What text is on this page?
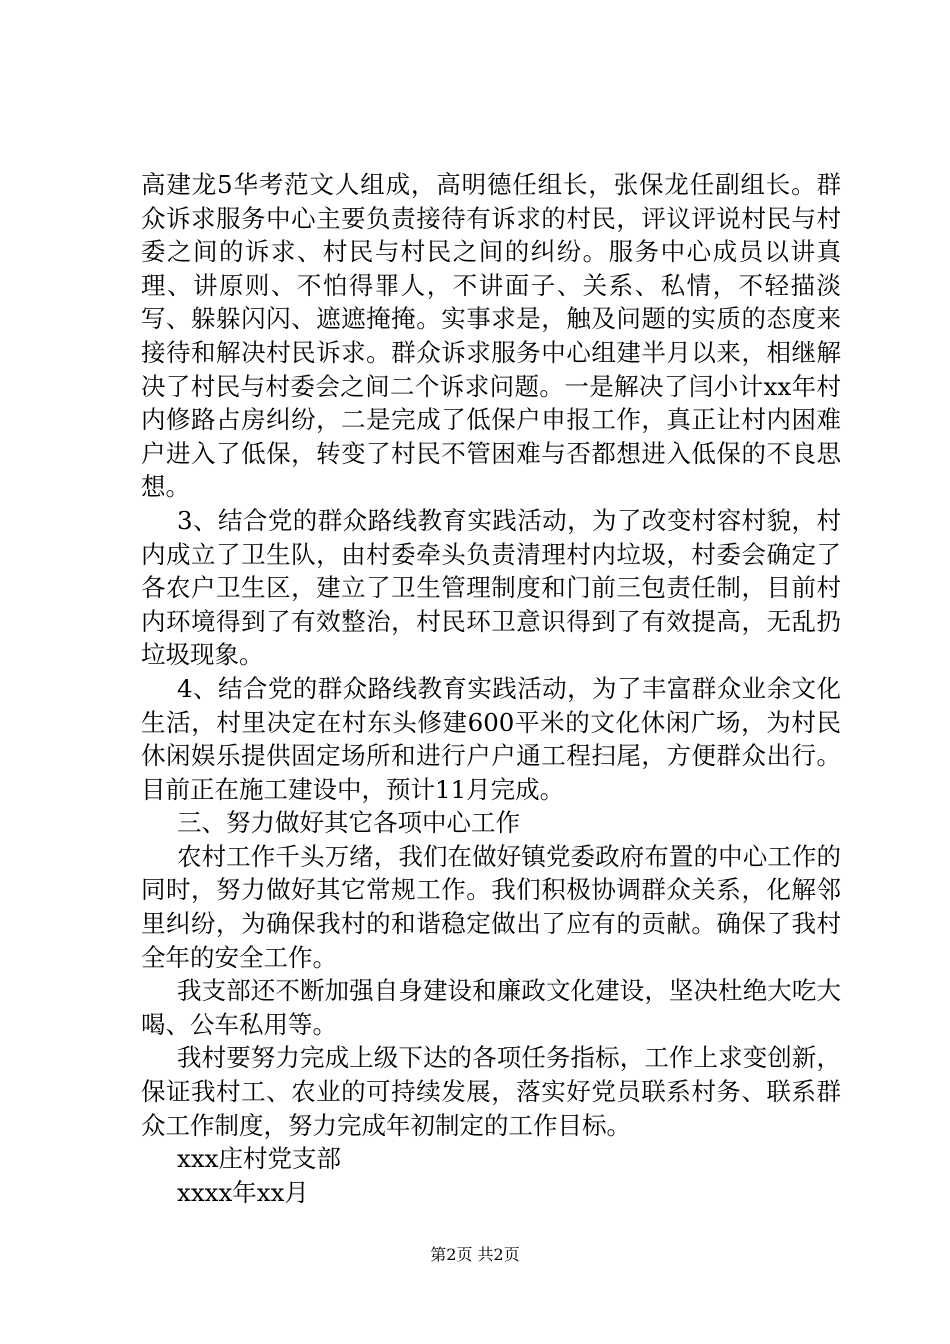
高建龙5华考范文人组成，高明德任组长，张保龙任副组长。群众诉求服务中心主要负责接待有诉求的村民，评议评说村民与村委之间的诉求、村民与村民之间的纠纷。服务中心成员以讲真理、讲原则、不怕得罪人，不讲面子、关系、私情，不轻描淡写、躲躲闪闪、遮遮掩掩。实事求是，触及问题的实质的态度来接待和解决村民诉求。群众诉求服务中心组建半月以来，相继解决了村民与村委会之间二个诉求问题。一是解决了闫小计xx年村内修路占房纠纷，二是完成了低保户申报工作，真正让村内困难户进入了低保，转变了村民不管困难与否都想进入低保的不良思想。

3、结合党的群众路线教育实践活动，为了改变村容村貌，村内成立了卫生队，由村委牵头负责清理村内垃圾，村委会确定了各农户卫生区，建立了卫生管理制度和门前三包责任制，目前村内环境得到了有效整治，村民环卫意识得到了有效提高，无乱扔垃圾现象。

4、结合党的群众路线教育实践活动，为了丰富群众业余文化生活，村里决定在村东头修建600平米的文化休闲广场，为村民休闲娱乐提供固定场所和进行户户通工程扫尾，方便群众出行。目前正在施工建设中，预计11月完成。

三、努力做好其它各项中心工作

农村工作千头万绪，我们在做好镇党委政府布置的中心工作的同时，努力做好其它常规工作。我们积极协调群众关系，化解邻里纠纷，为确保我村的和谐稳定做出了应有的贡献。确保了我村全年的安全工作。

我支部还不断加强自身建设和廉政文化建设，坚决杜绝大吃大喝、公车私用等。

我村要努力完成上级下达的各项任务指标，工作上求变创新，保证我村工、农业的可持续发展，落实好党员联系村务、联系群众工作制度，努力完成年初制定的工作目标。

xxx庄村党支部

xxxx年xx月

第2页 共2页
